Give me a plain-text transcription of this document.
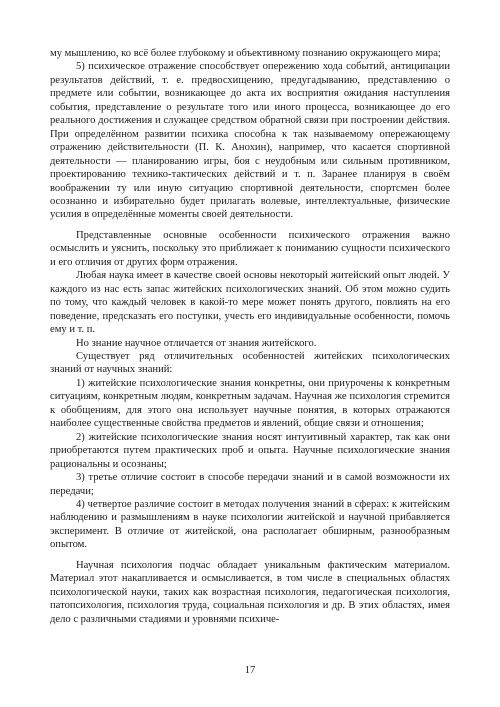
му мышлению, ко всё более глубокому и объективному познанию окружающего мира;

5) психическое отражение способствует опережению хода событий, антиципации результатов действий, т. е. предвосхищению, предугадыванию, представлению о предмете или событии, возникающее до акта их восприятия ожидания наступления события, представление о результате того или иного процесса, возникающее до его реального достижения и служащее средством обратной связи при построении действия. При определённом развитии психика способна к так называемому опережающему отражению действительности (П. К. Анохин), например, что касается спортивной деятельности — планированию игры, боя с неудобным или сильным противником, проектированию технико-тактических действий и т. п. Заранее планируя в своём воображении ту или иную ситуацию спортивной деятельности, спортсмен более осознанно и избирательно будет прилагать волевые, интеллектуальные, физические усилия в определённые моменты своей деятельности.

Представленные основные особенности психического отражения важно осмыслить и уяснить, поскольку это приближает к пониманию сущности психического и его отличия от других форм отражения.

Любая наука имеет в качестве своей основы некоторый житейский опыт людей. У каждого из нас есть запас житейских психологических знаний. Об этом можно судить по тому, что каждый человек в какой-то мере может понять другого, повлиять на его поведение, предсказать его поступки, учесть его индивидуальные особенности, помочь ему и т. п.

Но знание научное отличается от знания житейского.

Существует ряд отличительных особенностей житейских психологических знаний от научных знаний:

1) житейские психологические знания конкретны, они приурочены к конкретным ситуациям, конкретным людям, конкретным задачам. Научная же психология стремится к обобщениям, для этого она использует научные понятия, в которых отражаются наиболее существенные свойства предметов и явлений, общие связи и отношения;

2) житейские психологические знания носят интуитивный характер, так как они приобретаются путем практических проб и опыта. Научные психологические знания рациональны и осознаны;

3) третье отличие состоит в способе передачи знаний и в самой возможности их передачи;

4) четвертое различие состоит в методах получения знаний в сферах: к житейским наблюдению и размышлениям в науке психологии житейской и научной прибавляется эксперимент. В отличие от житейской, она располагает обширным, разнообразным опытом.

Научная психология подчас обладает уникальным фактическим материалом. Материал этот накапливается и осмысливается, в том числе в специальных областях психологической науки, таких как возрастная психология, педагогическая психология, патопсихология, психология труда, социальная психология и др. В этих областях, имея дело с различными стадиями и уровнями психиче-

17
